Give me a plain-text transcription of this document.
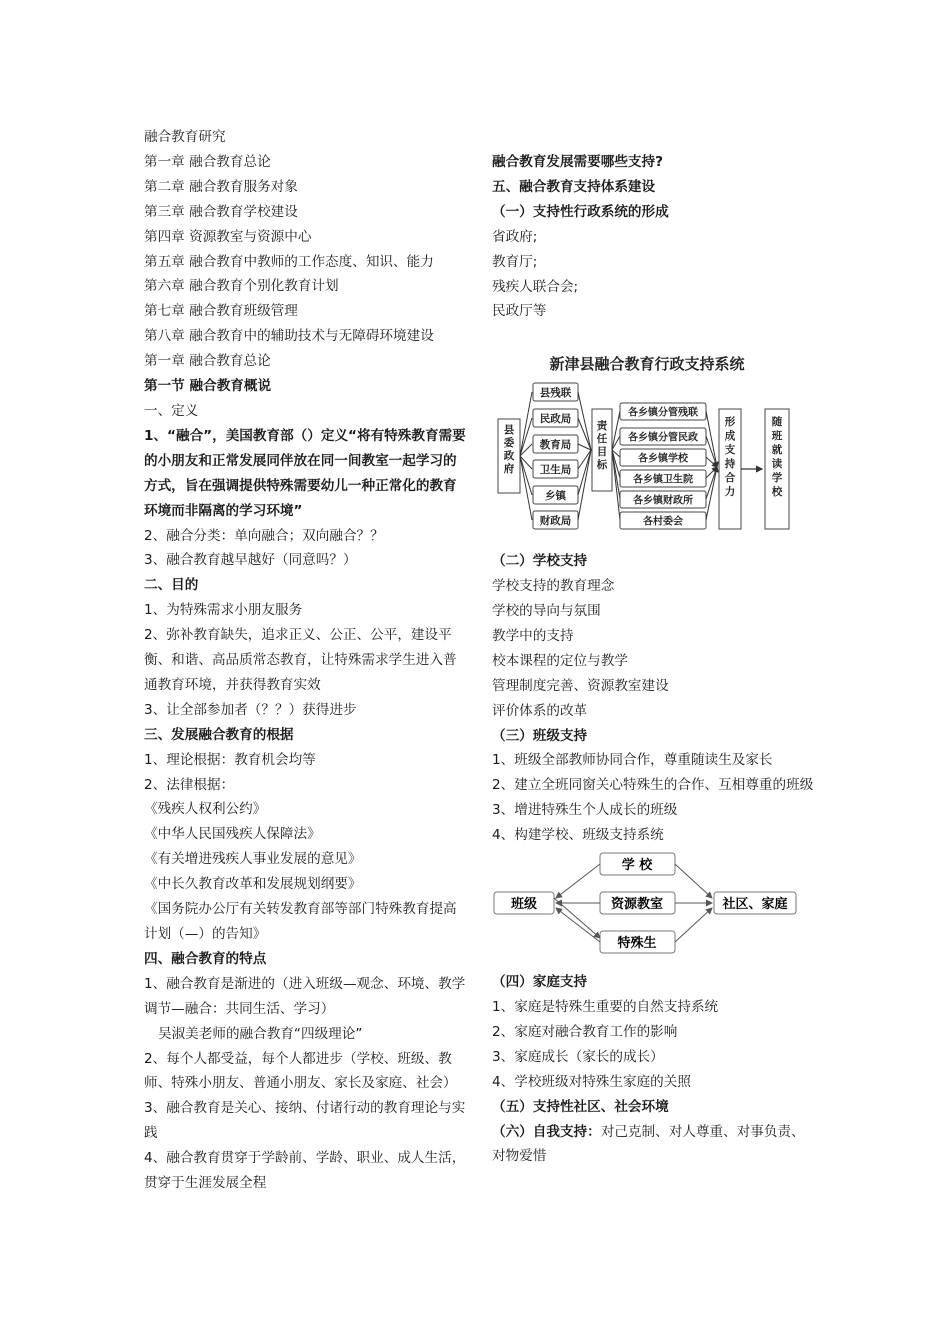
融合教育研究

第一章 融合教育总论

第二章 融合教育服务对象

第三章 融合教育学校建设

第四章 资源教室与资源中心

第五章 融合教育中教师的工作态度、知识、能力

第六章 融合教育个别化教育计划

第七章 融合教育班级管理

第八章 融合教育中的辅助技术与无障碍环境建设

第一章 融合教育总论

第一节 融合教育概说

一、定义

1、“融合”，美国教育部（）定义“将有特殊教育需要的小朋友和正常发展同伴放在同一间教室一起学习的方式，旨在强调提供特殊需要幼儿一种正常化的教育环境而非隔离的学习环境”

2、融合分类：单向融合；双向融合？？

3、融合教育越早越好（同意吗？）

二、目的

1、为特殊需求小朋友服务

2、弥补教育缺失，追求正义、公正、公平，建设平衡、和谐、高品质常态教育，让特殊需求学生进入普通教育环境，并获得教育实效

3、让全部参加者（？？）获得进步

三、发展融合教育的根据

1、理论根据：教育机会均等

2、法律根据：

《残疾人权利公约》

《中华人民国残疾人保障法》

《有关增进残疾人事业发展的意见》

《中长久教育改革和发展规划纲要》

《国务院办公厅有关转发教育部等部门特殊教育提高计划（—）的告知》

四、融合教育的特点

1、融合教育是渐进的（进入班级—观念、环境、教学调节—融合：共同生活、学习）

吴淑美老师的融合教育“四级理论”

2、每个人都受益，每个人都进步（学校、班级、教师、特殊小朋友、普通小朋友、家长及家庭、社会）

3、融合教育是关心、接纳、付诸行动的教育理论与实践

4、融合教育贯穿于学龄前、学龄、职业、成人生活，贯穿于生涯发展全程

融合教育发展需要哪些支持?

五、融合教育支持体系建设

（一）支持性行政系统的形成

省政府;

教育厅;

残疾人联合会;

民政厅等

新津县融合教育行政支持系统
县委政府
县残联
民政局
教育局
卫生局
乡镇
财政局
责任目标
各乡镇分管残联
各乡镇分管民政
各乡镇学校
各乡镇卫生院
各乡镇财政所
各村委会
形成支持合力
随班就读学校

（二）学校支持

学校支持的教育理念

学校的导向与氛围

教学中的支持

校本课程的定位与教学

管理制度完善、资源教室建设

评价体系的改革

（三）班级支持

1、班级全部教师协同合作，尊重随读生及家长

2、建立全班同窗关心特殊生的合作、互相尊重的班级

3、增进特殊生个人成长的班级

4、构建学校、班级支持系统

班级
学 校
资源教室
特殊生
社区、家庭

（四）家庭支持

1、家庭是特殊生重要的自然支持系统

2、家庭对融合教育工作的影响

3、家庭成长（家长的成长）

4、学校班级对特殊生家庭的关照

（五）支持性社区、社会环境

（六）自我支持：对己克制、对人尊重、对事负责、对物爱惜
